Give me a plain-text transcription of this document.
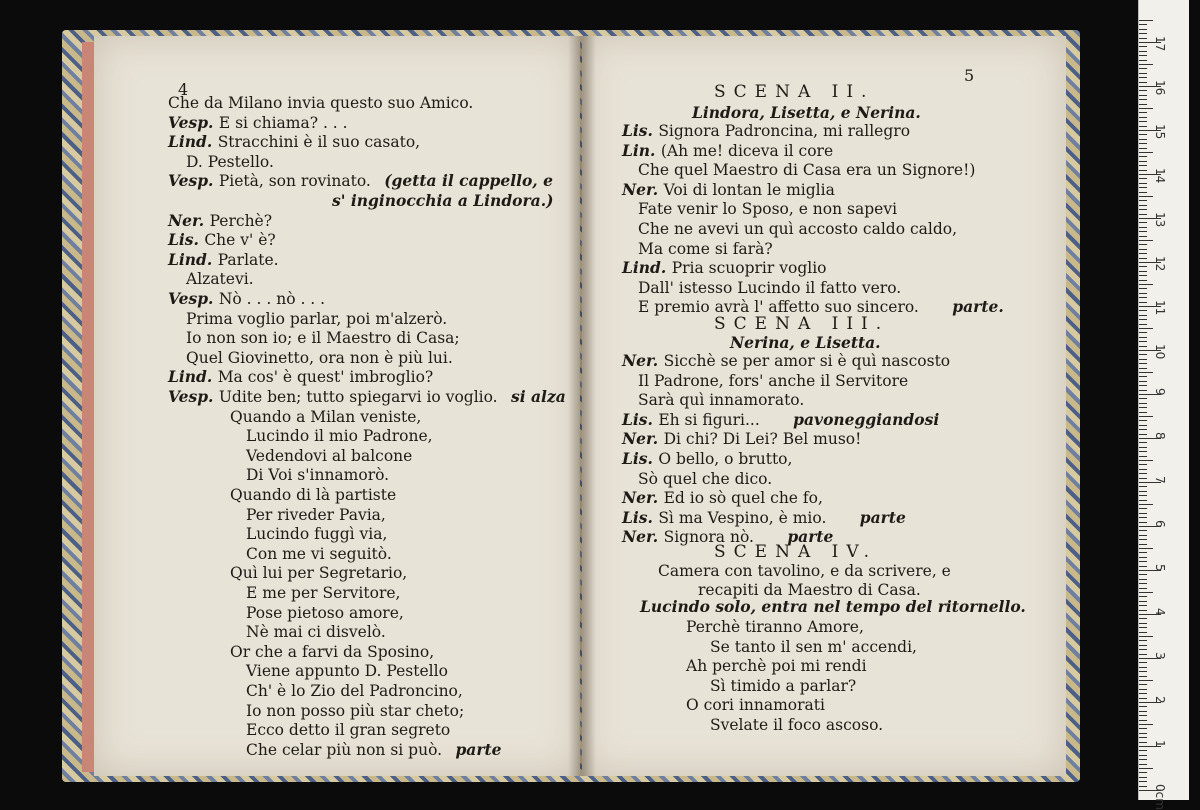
4
Che da Milano invia questo suo Amico.
Vesp. E si chiama? . . .
Lind. Stracchini è il suo casato,
D. Pestello.
Vesp. Pietà, son rovinato. (getta il cappello, e
s' inginocchia a Lindora.)
Ner. Perchè?
Lis. Che v' è?
Lind. Parlate.
Alzatevi.
Vesp. Nò . . . nò . . .
Prima voglio parlar, poi m'alzerò.
Io non son io; e il Maestro di Casa;
Quel Giovinetto, ora non è più lui.
Lind. Ma cos' è quest' imbroglio?
Vesp. Udite ben; tutto spiegarvi io voglio. si alza
Quando a Milan veniste,
Lucindo il mio Padrone,
Vedendovi al balcone
Di Voi s'innamorò.
Quando di là partiste
Per riveder Pavia,
Lucindo fuggì via,
Con me vi seguitò.
Quì lui per Segretario,
E me per Servitore,
Pose pietoso amore,
Nè mai ci disvelò.
Or che a farvi da Sposino,
Viene appunto D. Pestello
Ch' è lo Zio del Padroncino,
Io non posso più star cheto;
Ecco detto il gran segreto
Che celar più non si può. parte
5
SCENA II.
Lindora, Lisetta, e Nerina.
Lis. Signora Padroncina, mi rallegro
Lin. (Ah me! diceva il core
Che quel Maestro di Casa era un Signore!)
Ner. Voi di lontan le miglia
Fate venir lo Sposo, e non sapevi
Che ne avevi un quì accosto caldo caldo,
Ma come si farà?
Lind. Pria scuoprir voglio
Dall' istesso Lucindo il fatto vero.
E premio avrà l' affetto suo sincero. parte.
SCENA III.
Nerina, e Lisetta.
Ner. Sicchè se per amor si è quì nascosto
Il Padrone, fors' anche il Servitore
Sarà quì innamorato.
Lis. Eh si figuri... pavoneggiandosi
Ner. Di chi? Di Lei? Bel muso!
Lis. O bello, o brutto,
Sò quel che dico.
Ner. Ed io sò quel che fo,
Lis. Sì ma Vespino, è mio. parte
Ner. Signora nò. parte
SCENA IV.
Camera con tavolino, e da scrivere, e
recapiti da Maestro di Casa.
Lucindo solo, entra nel tempo del ritornello.
Perchè tiranno Amore,
Se tanto il sen m' accendi,
Ah perchè poi mi rendi
Sì timido a parlar?
O cori innamorati
Svelate il foco ascoso.
17
16
15
14
13
12
11
10
9
8
7
6
5
4
3
2
1
0cm
